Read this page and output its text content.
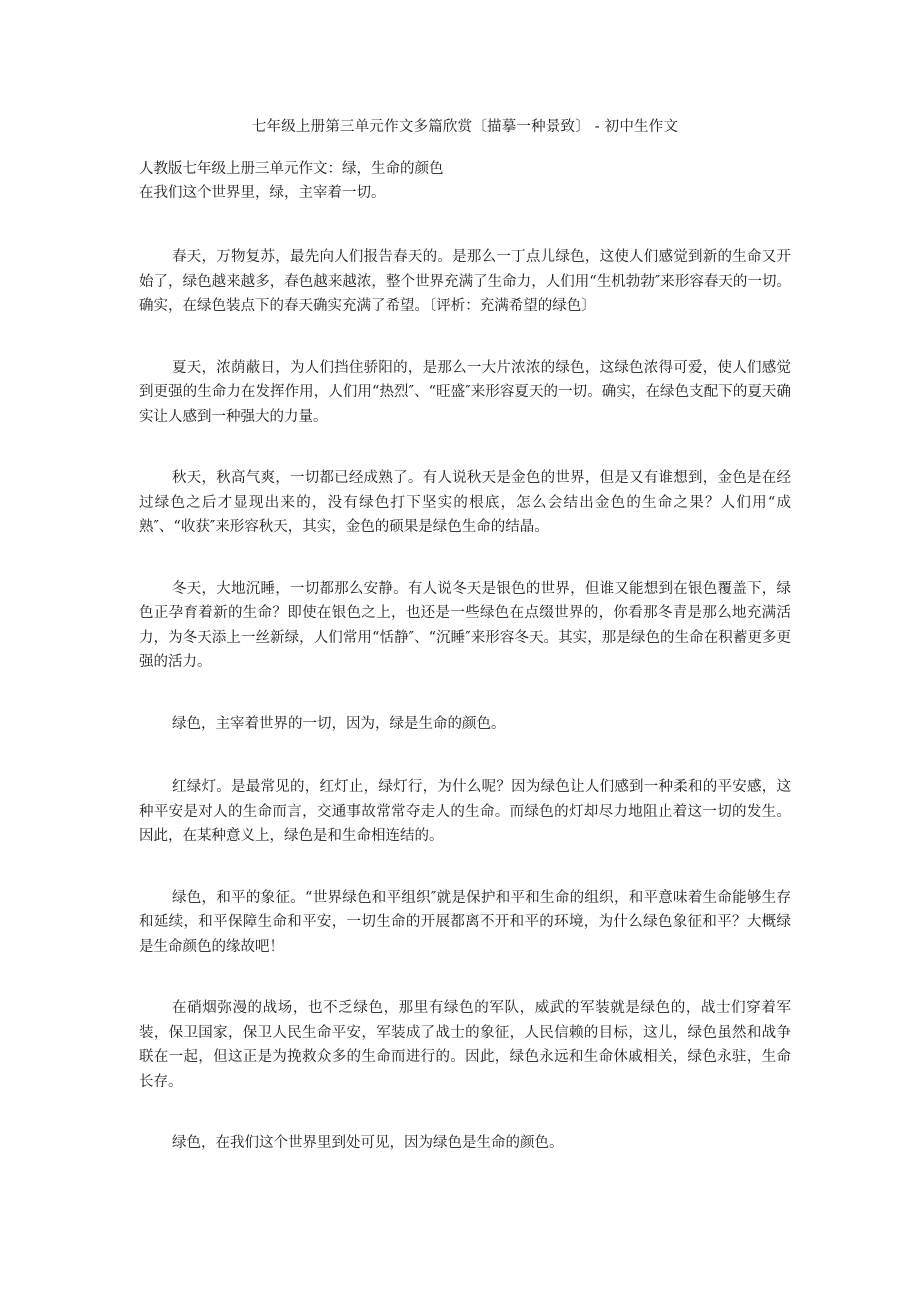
七年级上册第三单元作文多篇欣赏〔描摹一种景致〕 - 初中生作文

人教版七年级上册三单元作文：绿，生命的颜色

在我们这个世界里，绿，主宰着一切。

春天，万物复苏，最先向人们报告春天的。是那么一丁点儿绿色，这使人们感觉到新的生命又开始了，绿色越来越多，春色越来越浓，整个世界充满了生命力，人们用“生机勃勃″来形容春天的一切。确实，在绿色装点下的春天确实充满了希望。〔评析：充满希望的绿色〕

夏天，浓荫蔽日，为人们挡住骄阳的，是那么一大片浓浓的绿色，这绿色浓得可爱，使人们感觉到更强的生命力在发挥作用，人们用“热烈″、“旺盛″来形容夏天的一切。确实，在绿色支配下的夏天确实让人感到一种强大的力量。

秋天，秋高气爽，一切都已经成熟了。有人说秋天是金色的世界，但是又有谁想到，金色是在经过绿色之后才显现出来的，没有绿色打下坚实的根底，怎么会结出金色的生命之果？人们用“成熟″、“收获″来形容秋天，其实，金色的硕果是绿色生命的结晶。

冬天，大地沉睡，一切都那么安静。有人说冬天是银色的世界，但谁又能想到在银色覆盖下，绿色正孕育着新的生命？即使在银色之上，也还是一些绿色在点缀世界的，你看那冬青是那么地充满活力，为冬天添上一丝新绿，人们常用“恬静″、“沉睡″来形容冬天。其实，那是绿色的生命在积蓄更多更强的活力。

绿色，主宰着世界的一切，因为，绿是生命的颜色。

红绿灯。是最常见的，红灯止，绿灯行，为什么呢？因为绿色让人们感到一种柔和的平安感，这种平安是对人的生命而言，交通事故常常夺走人的生命。而绿色的灯却尽力地阻止着这一切的发生。因此，在某种意义上，绿色是和生命相连结的。

绿色，和平的象征。“世界绿色和平组织″就是保护和平和生命的组织，和平意味着生命能够生存和延续，和平保障生命和平安，一切生命的开展都离不开和平的环境，为什么绿色象征和平？大概绿是生命颜色的缘故吧！

在硝烟弥漫的战场，也不乏绿色，那里有绿色的军队，威武的军装就是绿色的，战士们穿着军装，保卫国家，保卫人民生命平安，军装成了战士的象征，人民信赖的目标，这儿，绿色虽然和战争联在一起，但这正是为挽救众多的生命而进行的。因此，绿色永远和生命休戚相关，绿色永驻，生命长存。

绿色，在我们这个世界里到处可见，因为绿色是生命的颜色。
